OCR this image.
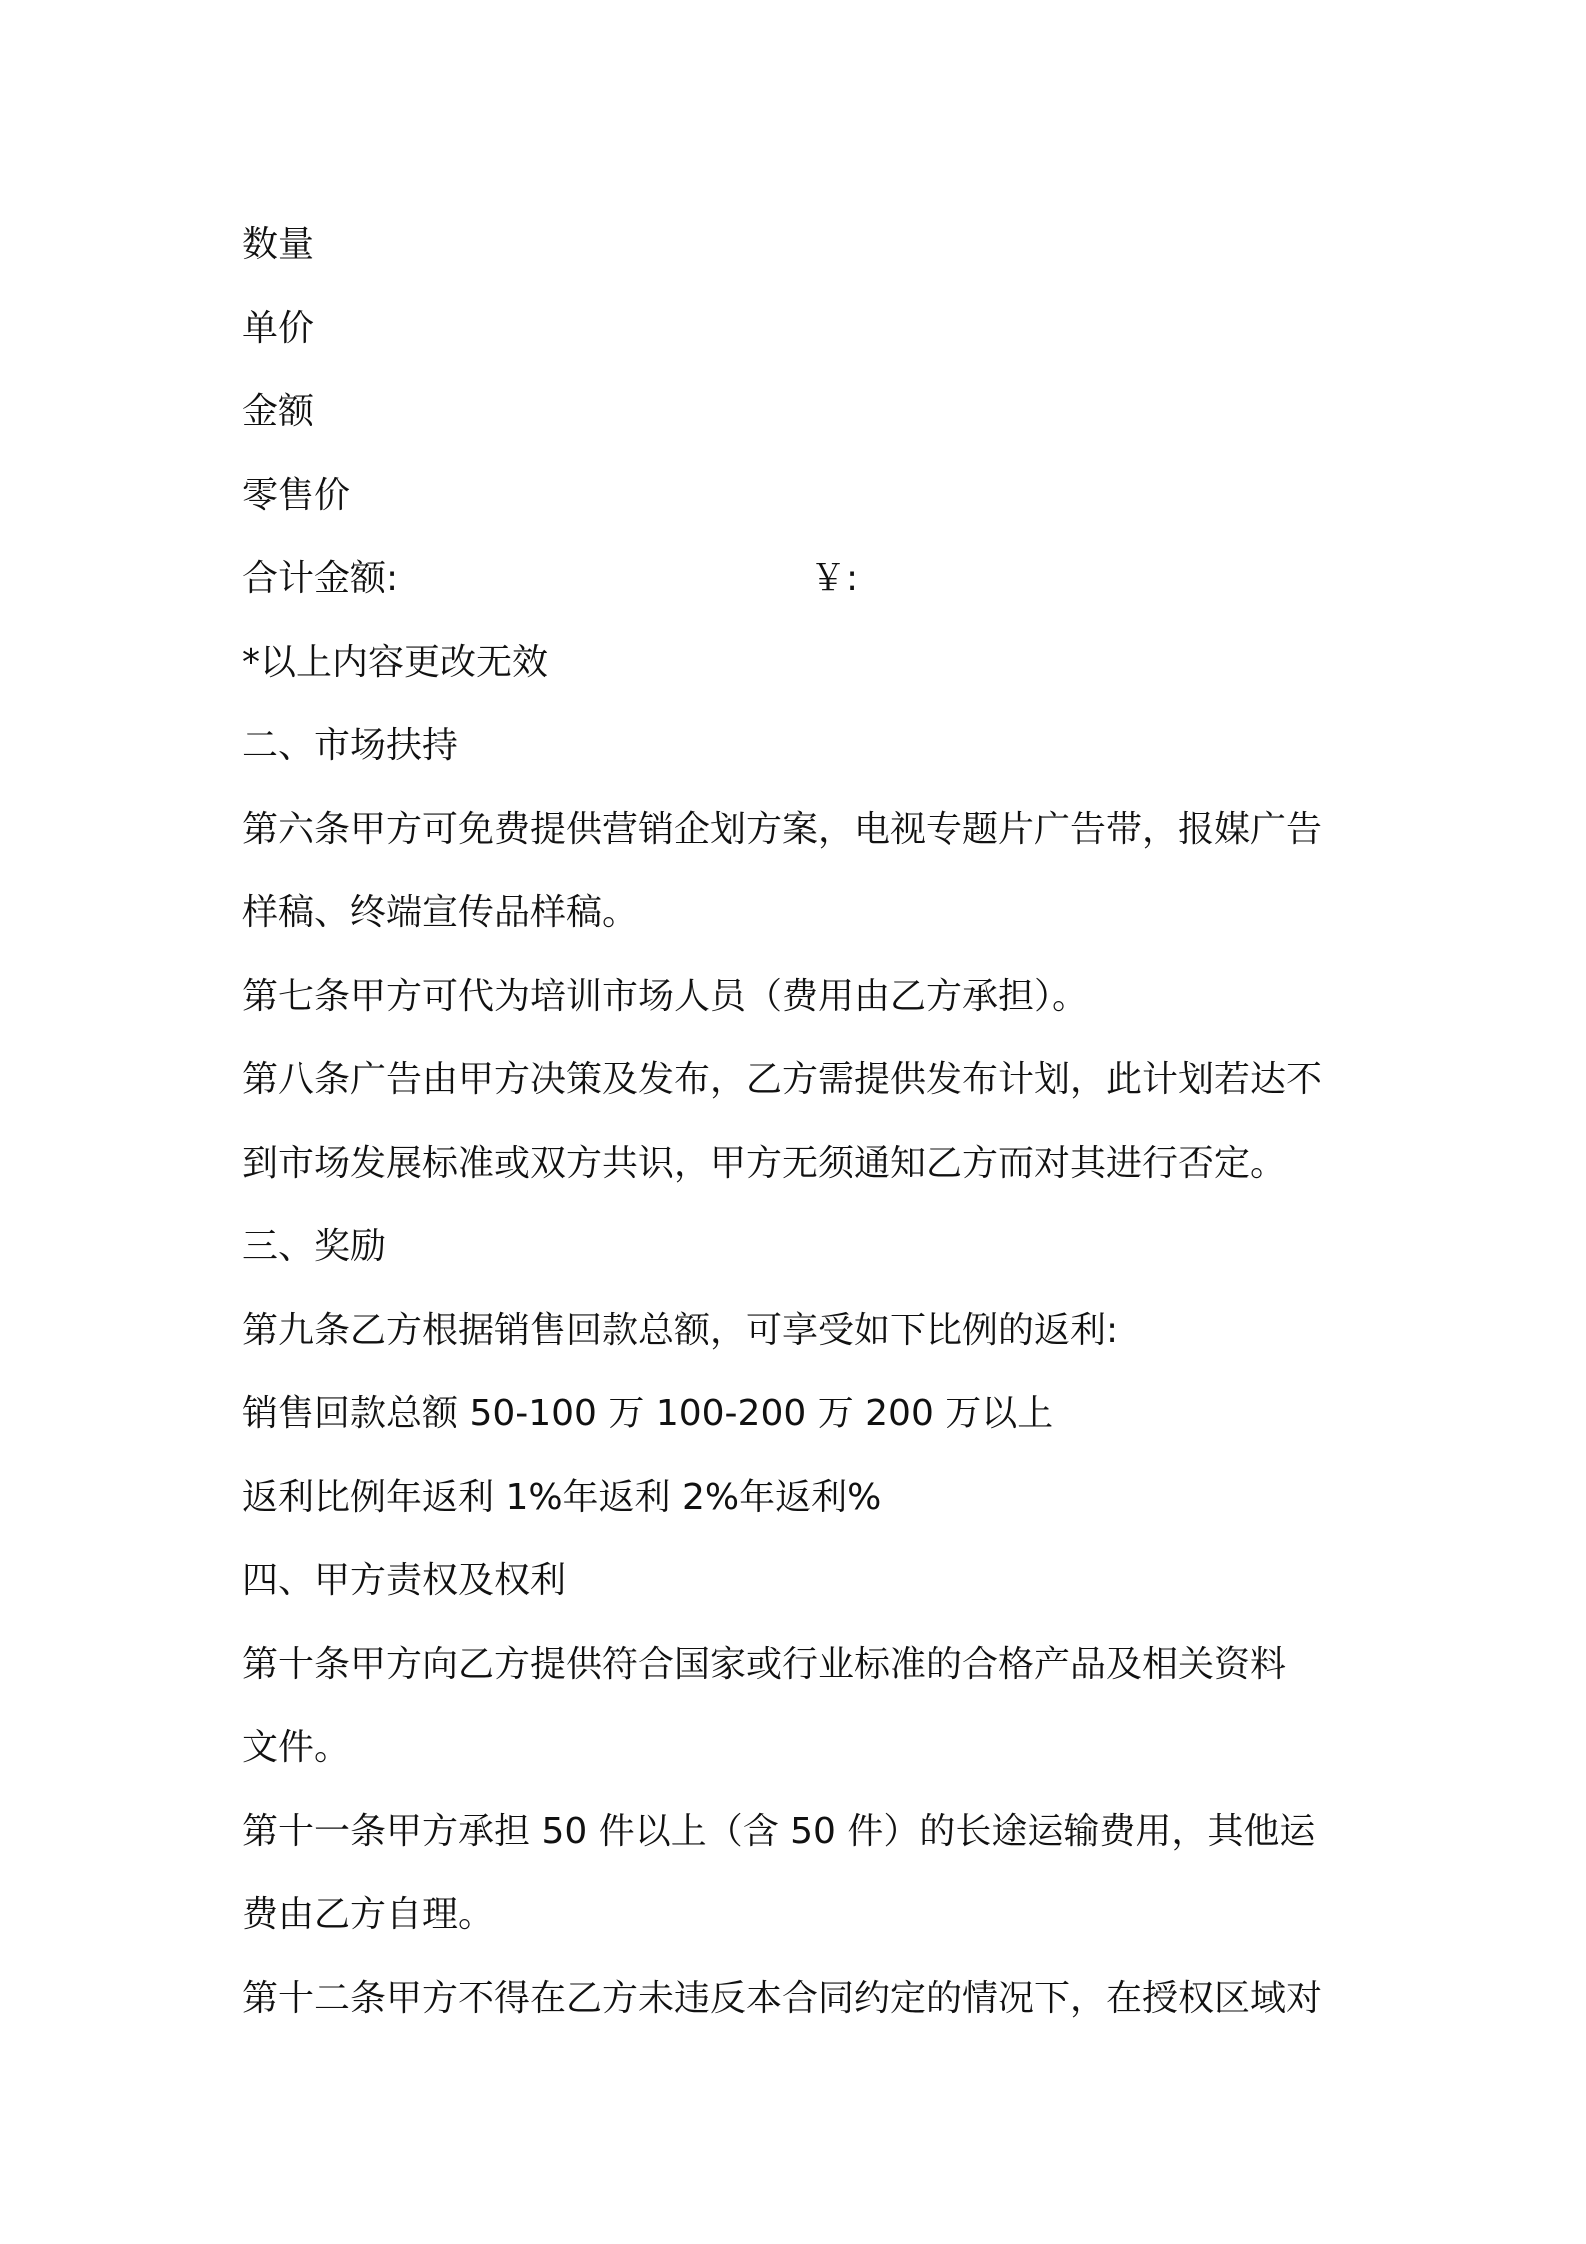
数量

单价

金额

零售价

合计金额:	￥:

*以上内容更改无效

二、市场扶持

第六条甲方可免费提供营销企划方案，电视专题片广告带，报媒广告

样稿、终端宣传品样稿。

第七条甲方可代为培训市场人员（费用由乙方承担）。

第八条广告由甲方决策及发布，乙方需提供发布计划，此计划若达不

到市场发展标准或双方共识，甲方无须通知乙方而对其进行否定。

三、奖励

第九条乙方根据销售回款总额，可享受如下比例的返利:

销售回款总额 50-100 万 100-200 万 200 万以上

返利比例年返利 1%年返利 2%年返利%

四、甲方责权及权利

第十条甲方向乙方提供符合国家或行业标准的合格产品及相关资料

文件。

第十一条甲方承担 50 件以上（含 50 件）的长途运输费用，其他运

费由乙方自理。

第十二条甲方不得在乙方未违反本合同约定的情况下，在授权区域对
